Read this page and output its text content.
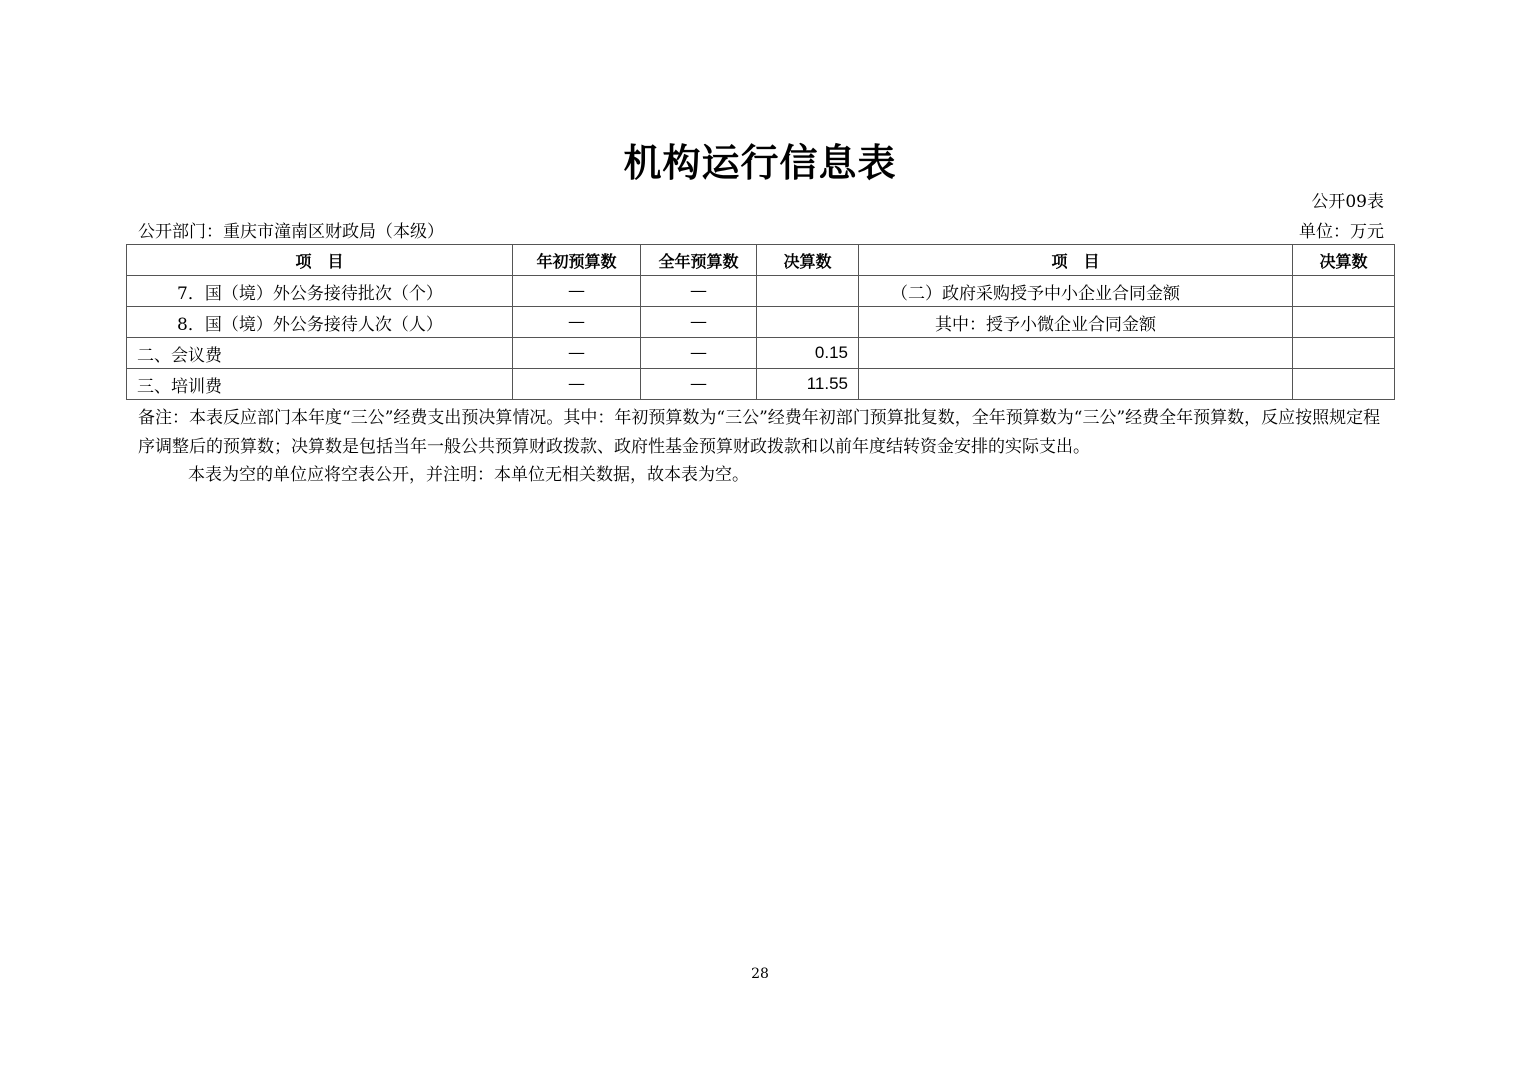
机构运行信息表
公开09表
公开部门：重庆市潼南区财政局（本级）	单位：万元
项　目	年初预算数	全年预算数	决算数	项　目	决算数
7．国（境）外公务接待批次（个）	—	—		（二）政府采购授予中小企业合同金额	
8．国（境）外公务接待人次（人）	—	—		其中：授予小微企业合同金额	
二、会议费	—	—	0.15		
三、培训费	—	—	11.55		
备注：本表反应部门本年度“三公”经费支出预决算情况。其中：年初预算数为“三公”经费年初部门预算批复数，全年预算数为“三公”经费全年预算数，反应按照规定程序调整后的预算数；决算数是包括当年一般公共预算财政拨款、政府性基金预算财政拨款和以前年度结转资金安排的实际支出。
本表为空的单位应将空表公开，并注明：本单位无相关数据，故本表为空。
28
